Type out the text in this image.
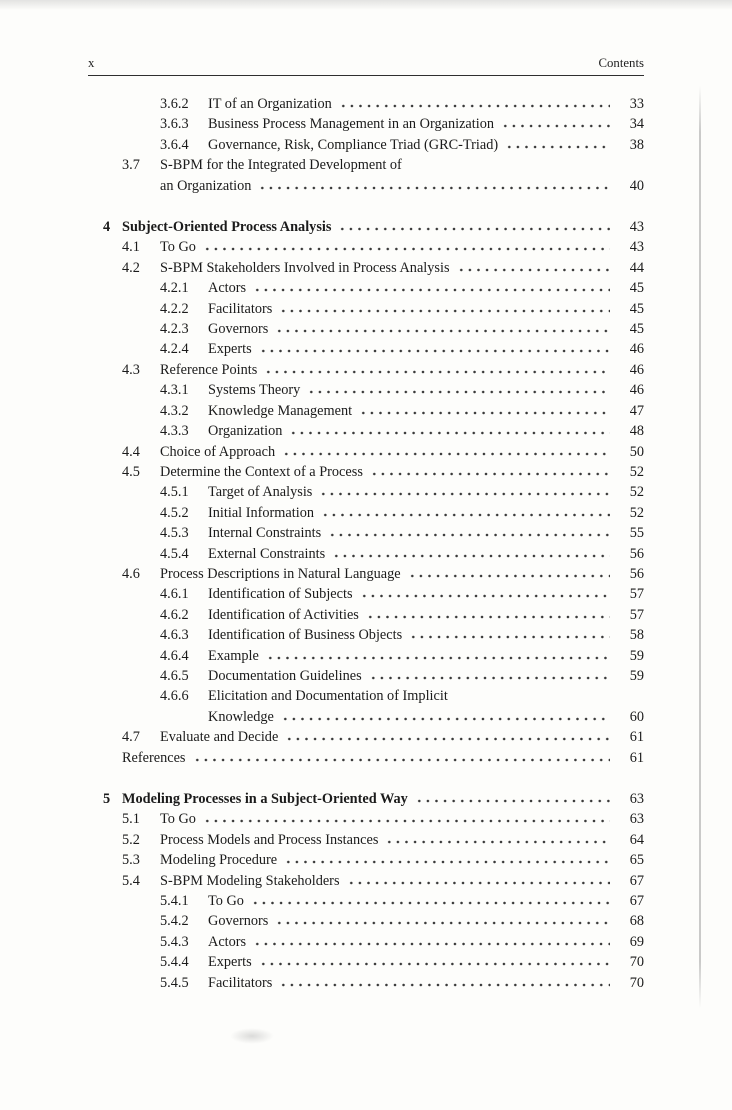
x	Contents
3.6.2	IT of an Organization	33
3.6.3	Business Process Management in an Organization	34
3.6.4	Governance, Risk, Compliance Triad (GRC-Triad)	38
3.7	S-BPM for the Integrated Development of
an Organization	40
4 Subject-Oriented Process Analysis	43
4.1	To Go	43
4.2	S-BPM Stakeholders Involved in Process Analysis	44
4.2.1	Actors	45
4.2.2	Facilitators	45
4.2.3	Governors	45
4.2.4	Experts	46
4.3	Reference Points	46
4.3.1	Systems Theory	46
4.3.2	Knowledge Management	47
4.3.3	Organization	48
4.4	Choice of Approach	50
4.5	Determine the Context of a Process	52
4.5.1	Target of Analysis	52
4.5.2	Initial Information	52
4.5.3	Internal Constraints	55
4.5.4	External Constraints	56
4.6	Process Descriptions in Natural Language	56
4.6.1	Identification of Subjects	57
4.6.2	Identification of Activities	57
4.6.3	Identification of Business Objects	58
4.6.4	Example	59
4.6.5	Documentation Guidelines	59
4.6.6	Elicitation and Documentation of Implicit
Knowledge	60
4.7	Evaluate and Decide	61
References	61
5 Modeling Processes in a Subject-Oriented Way	63
5.1	To Go	63
5.2	Process Models and Process Instances	64
5.3	Modeling Procedure	65
5.4	S-BPM Modeling Stakeholders	67
5.4.1	To Go	67
5.4.2	Governors	68
5.4.3	Actors	69
5.4.4	Experts	70
5.4.5	Facilitators	70
